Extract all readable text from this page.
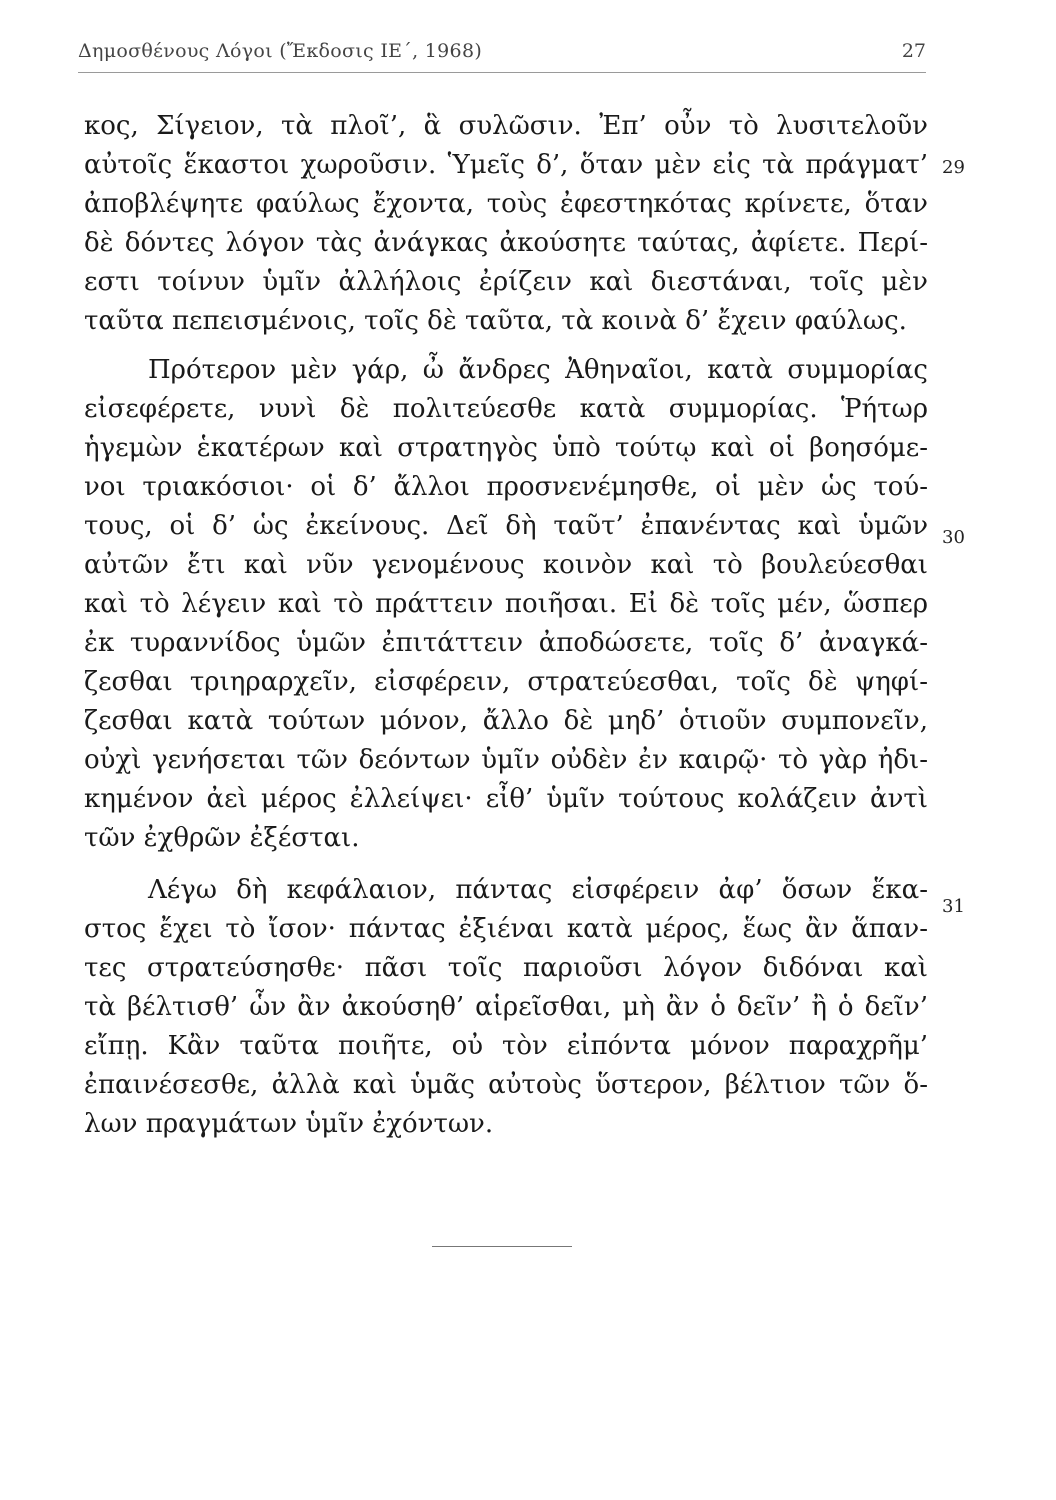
Δημοσθένους Λόγοι (Ἔκδοσις ΙΕ΄, 1968)	27
κος, Σίγειον, τὰ πλοῖ’, ἃ συλῶσιν. Ἐπ’ οὖν τὸ λυσιτελοῦν
αὐτοῖς ἕκαστοι χωροῦσιν. Ὑμεῖς δ’, ὅταν μὲν εἰς τὰ πράγματ’
ἀποβλέψητε φαύλως ἔχοντα, τοὺς ἐφεστηκότας κρίνετε, ὅταν
δὲ δόντες λόγον τὰς ἀνάγκας ἀκούσητε ταύτας, ἀφίετε. Περί-
εστι τοίνυν ὑμῖν ἀλλήλοις ἐρίζειν καὶ διεστάναι, τοῖς μὲν
ταῦτα πεπεισμένοις, τοῖς δὲ ταῦτα, τὰ κοινὰ δ’ ἔχειν φαύλως.
Πρότερον μὲν γάρ, ὦ ἄνδρες Ἀθηναῖοι, κατὰ συμμορίας
εἰσεφέρετε, νυνὶ δὲ πολιτεύεσθε κατὰ συμμορίας. Ῥήτωρ
ἡγεμὼν ἑκατέρων καὶ στρατηγὸς ὑπὸ τούτῳ καὶ οἱ βοησόμε-
νοι τριακόσιοι· οἱ δ’ ἄλλοι προσνενέμησθε, οἱ μὲν ὡς τού-
τους, οἱ δ’ ὡς ἐκείνους. Δεῖ δὴ ταῦτ’ ἐπανέντας καὶ ὑμῶν
αὐτῶν ἔτι καὶ νῦν γενομένους κοινὸν καὶ τὸ βουλεύεσθαι
καὶ τὸ λέγειν καὶ τὸ πράττειν ποιῆσαι. Εἰ δὲ τοῖς μέν, ὥσπερ
ἐκ τυραννίδος ὑμῶν ἐπιτάττειν ἀποδώσετε, τοῖς δ’ ἀναγκά-
ζεσθαι τριηραρχεῖν, εἰσφέρειν, στρατεύεσθαι, τοῖς δὲ ψηφί-
ζεσθαι κατὰ τούτων μόνον, ἄλλο δὲ μηδ’ ὁτιοῦν συμπονεῖν,
οὐχὶ γενήσεται τῶν δεόντων ὑμῖν οὐδὲν ἐν καιρῷ· τὸ γὰρ ἠδι-
κημένον ἀεὶ μέρος ἐλλείψει· εἶθ’ ὑμῖν τούτους κολάζειν ἀντὶ
τῶν ἐχθρῶν ἐξέσται.
Λέγω δὴ κεφάλαιον, πάντας εἰσφέρειν ἀφ’ ὅσων ἕκα-
στος ἔχει τὸ ἴσον· πάντας ἐξιέναι κατὰ μέρος, ἕως ἂν ἅπαν-
τες στρατεύσησθε· πᾶσι τοῖς παριοῦσι λόγον διδόναι καὶ
τὰ βέλτισθ’ ὧν ἂν ἀκούσηθ’ αἱρεῖσθαι, μὴ ἂν ὁ δεῖν’ ἢ ὁ δεῖν’
εἴπῃ. Κἂν ταῦτα ποιῆτε, οὐ τὸν εἰπόντα μόνον παραχρῆμ’
ἐπαινέσεσθε, ἀλλὰ καὶ ὑμᾶς αὐτοὺς ὕστερον, βέλτιον τῶν ὅ-
λων πραγμάτων ὑμῖν ἐχόντων.
29
30
31
